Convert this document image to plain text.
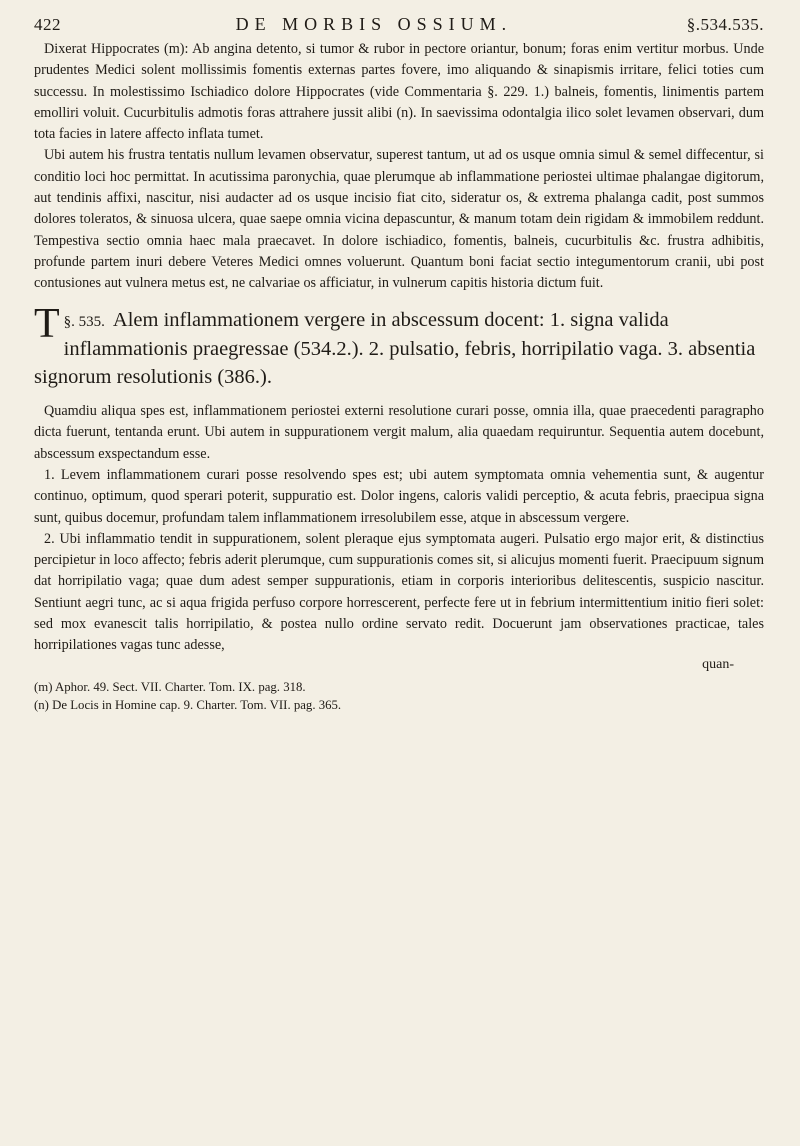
422	DE MORBIS OSSIUM.	§.534.535.

Dixerat Hippocrates (m): Ab angina detento, si tumor & rubor in pectore oriantur, bonum; foras enim vertitur morbus. Unde prudentes Medici solent mollissimis fomentis externas partes fovere, imo aliquando & sinapismis irritare, felici toties cum successu. In molestissimo Ischiadico dolore Hippocrates (vide Commentaria §. 229. 1.) balneis, fomentis, linimentis partem emolliri voluit. Cucurbitulis admotis foras attrahere jussit alibi (n). In saevissima odontalgia ilico solet levamen observari, dum tota facies in latere affecto inflata tumet.

Ubi autem his frustra tentatis nullum levamen observatur, superest tantum, ut ad os usque omnia simul & semel diffecentur, si conditio loci hoc permittat. In acutissima paronychia, quae plerumque ab inflammatione periostei ultimae phalangae digitorum, aut tendinis affixi, nascitur, nisi audacter ad os usque incisio fiat cito, sideratur os, & extrema phalanga cadit, post summos dolores toleratos, & sinuosa ulcera, quae saepe omnia vicina depascuntur, & manum totam dein rigidam & immobilem reddunt. Tempestiva sectio omnia haec mala praecavet. In dolore ischiadico, fomentis, balneis, cucurbitulis &c. frustra adhibitis, profunde partem inuri debere Veteres Medici omnes voluerunt. Quantum boni faciat sectio integumentorum cranii, ubi post contusiones aut vulnera metus est, ne calvariae os afficiatur, in vulnerum capitis historia dictum fuit.

§. 535.
T	Alem inflammationem vergere in abscessum docent: 1. signa valida inflammationis praegressae (534.2.). 2. pulsatio, febris, horripilatio vaga. 3. absentia signorum resolutionis (386.).

Quamdiu aliqua spes est, inflammationem periostei externi resolutione curari posse, omnia illa, quae praecedenti paragrapho dicta fuerunt, tentanda erunt. Ubi autem in suppurationem vergit malum, alia quaedam requiruntur. Sequentia autem docebunt, abscessum exspectandum esse.

1. Levem inflammationem curari posse resolvendo spes est; ubi autem symptomata omnia vehementia sunt, & augentur continuo, optimum, quod sperari poterit, suppuratio est. Dolor ingens, caloris validi perceptio, & acuta febris, praecipua signa sunt, quibus docemur, profundam talem inflammationem irresolubilem esse, atque in abscessum vergere.

2. Ubi inflammatio tendit in suppurationem, solent pleraque ejus symptomata augeri. Pulsatio ergo major erit, & distinctius percipietur in loco affecto; febris aderit plerumque, cum suppurationis comes sit, si alicujus momenti fuerit. Praecipuum signum dat horripilatio vaga; quae dum adest semper suppurationis, etiam in corporis interioribus delitescentis, suspicio nascitur. Sentiunt aegri tunc, ac si aqua frigida perfuso corpore horrescerent, perfecte fere ut in febrium intermittentium initio fieri solet: sed mox evanescit talis horripilatio, & postea nullo ordine servato redit. Docuerunt jam observationes practicae, tales horripilationes vagas tunc adesse,

quan-

(m) Aphor. 49. Sect. VII. Charter. Tom. IX. pag. 318.

(n) De Locis in Homine cap. 9. Charter. Tom. VII. pag. 365.
